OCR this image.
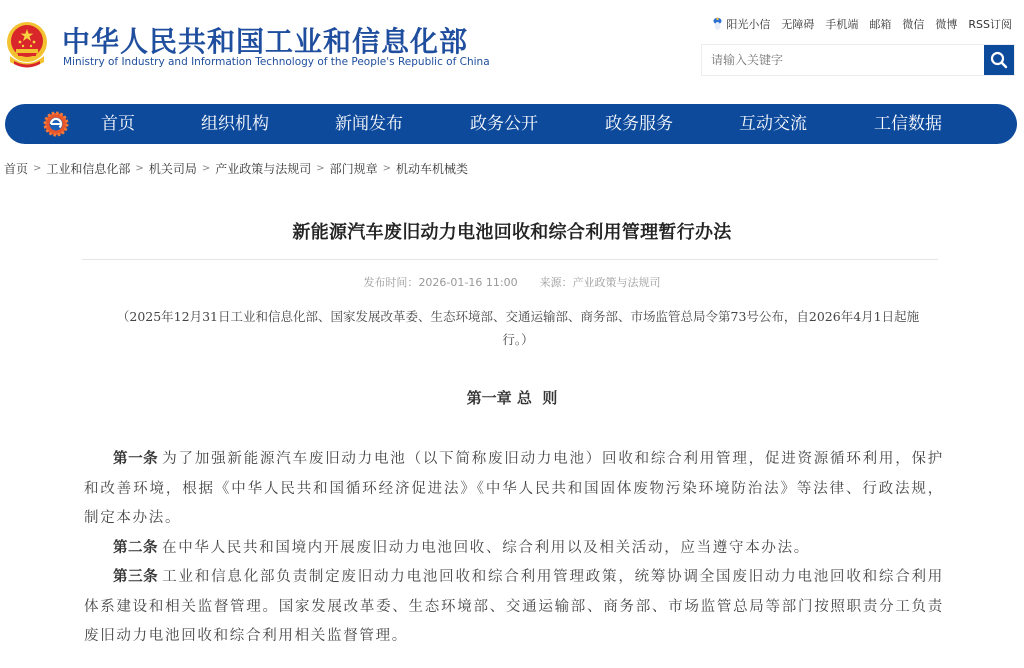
中华人民共和国工业和信息化部
Ministry of Industry and Information Technology of the People's Republic of China
阳光小信 无障碍 手机端 邮箱 微信 微博 RSS订阅
请输入关键字
首页	组织机构	新闻发布	政务公开	政务服务	互动交流	工信数据
首页 > 工业和信息化部 > 机关司局 > 产业政策与法规司 > 部门规章 > 机动车机械类
新能源汽车废旧动力电池回收和综合利用管理暂行办法
发布时间：2026-01-16 11:00 来源：产业政策与法规司
（2025年12月31日工业和信息化部、国家发展改革委、生态环境部、交通运输部、商务部、市场监管总局令第73号公布，自2026年4月1日起施行。）
第一章 总  则

第一条 为了加强新能源汽车废旧动力电池（以下简称废旧动力电池）回收和综合利用管理，促进资源循环利用，保护和改善环境，根据《中华人民共和国循环经济促进法》《中华人民共和国固体废物污染环境防治法》等法律、行政法规，制定本办法。

第二条 在中华人民共和国境内开展废旧动力电池回收、综合利用以及相关活动，应当遵守本办法。

第三条 工业和信息化部负责制定废旧动力电池回收和综合利用管理政策，统筹协调全国废旧动力电池回收和综合利用体系建设和相关监督管理。国家发展改革委、生态环境部、交通运输部、商务部、市场监管总局等部门按照职责分工负责废旧动力电池回收和综合利用相关监督管理。
